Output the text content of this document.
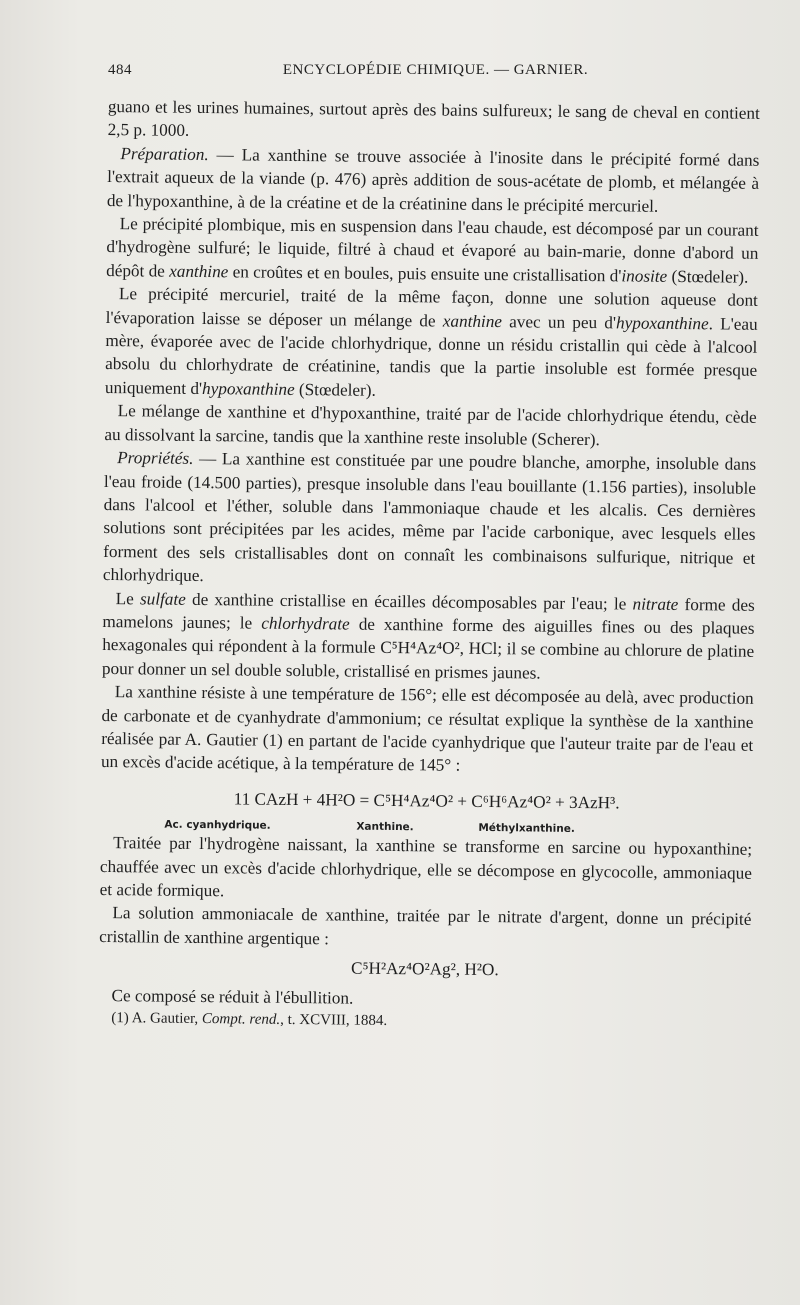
484	ENCYCLOPÉDIE CHIMIQUE. — GARNIER.

guano et les urines humaines, surtout après des bains sulfureux; le sang de cheval en contient 2,5 p. 1000.

Préparation. — La xanthine se trouve associée à l'inosite dans le précipité formé dans l'extrait aqueux de la viande (p. 476) après addition de sous-acétate de plomb, et mélangée à de l'hypoxanthine, à de la créatine et de la créatinine dans le précipité mercuriel.

Le précipité plombique, mis en suspension dans l'eau chaude, est décomposé par un courant d'hydrogène sulfuré; le liquide, filtré à chaud et évaporé au bain-marie, donne d'abord un dépôt de xanthine en croûtes et en boules, puis ensuite une cristallisation d'inosite (Stœdeler).

Le précipité mercuriel, traité de la même façon, donne une solution aqueuse dont l'évaporation laisse se déposer un mélange de xanthine avec un peu d'hypoxanthine. L'eau mère, évaporée avec de l'acide chlorhydrique, donne un résidu cristallin qui cède à l'alcool absolu du chlorhydrate de créatinine, tandis que la partie insoluble est formée presque uniquement d'hypoxanthine (Stœdeler).

Le mélange de xanthine et d'hypoxanthine, traité par de l'acide chlorhydrique étendu, cède au dissolvant la sarcine, tandis que la xanthine reste insoluble (Scherer).

Propriétés. — La xanthine est constituée par une poudre blanche, amorphe, insoluble dans l'eau froide (14.500 parties), presque insoluble dans l'eau bouillante (1.156 parties), insoluble dans l'alcool et l'éther, soluble dans l'ammoniaque chaude et les alcalis. Ces dernières solutions sont précipitées par les acides, même par l'acide carbonique, avec lesquels elles forment des sels cristallisables dont on connaît les combinaisons sulfurique, nitrique et chlorhydrique.

Le sulfate de xanthine cristallise en écailles décomposables par l'eau; le nitrate forme des mamelons jaunes; le chlorhydrate de xanthine forme des aiguilles fines ou des plaques hexagonales qui répondent à la formule C⁵H⁴Az⁴O², HCl; il se combine au chlorure de platine pour donner un sel double soluble, cristallisé en prismes jaunes.

La xanthine résiste à une température de 156°; elle est décomposée au delà, avec production de carbonate et de cyanhydrate d'ammonium; ce résultat explique la synthèse de la xanthine réalisée par A. Gautier (1) en partant de l'acide cyanhydrique que l'auteur traite par de l'eau et un excès d'acide acétique, à la température de 145° :

11 CAzH + 4H²O = C⁵H⁴Az⁴O² + C⁶H⁶Az⁴O² + 3AzH³.
Ac. cyanhydrique.	Xanthine.	Méthylxanthine.

Traitée par l'hydrogène naissant, la xanthine se transforme en sarcine ou hypoxanthine; chauffée avec un excès d'acide chlorhydrique, elle se décompose en glycocolle, ammoniaque et acide formique.

La solution ammoniacale de xanthine, traitée par le nitrate d'argent, donne un précipité cristallin de xanthine argentique :

C⁵H²Az⁴O²Ag², H²O.

Ce composé se réduit à l'ébullition.

(1) A. Gautier, Compt. rend., t. XCVIII, 1884.
